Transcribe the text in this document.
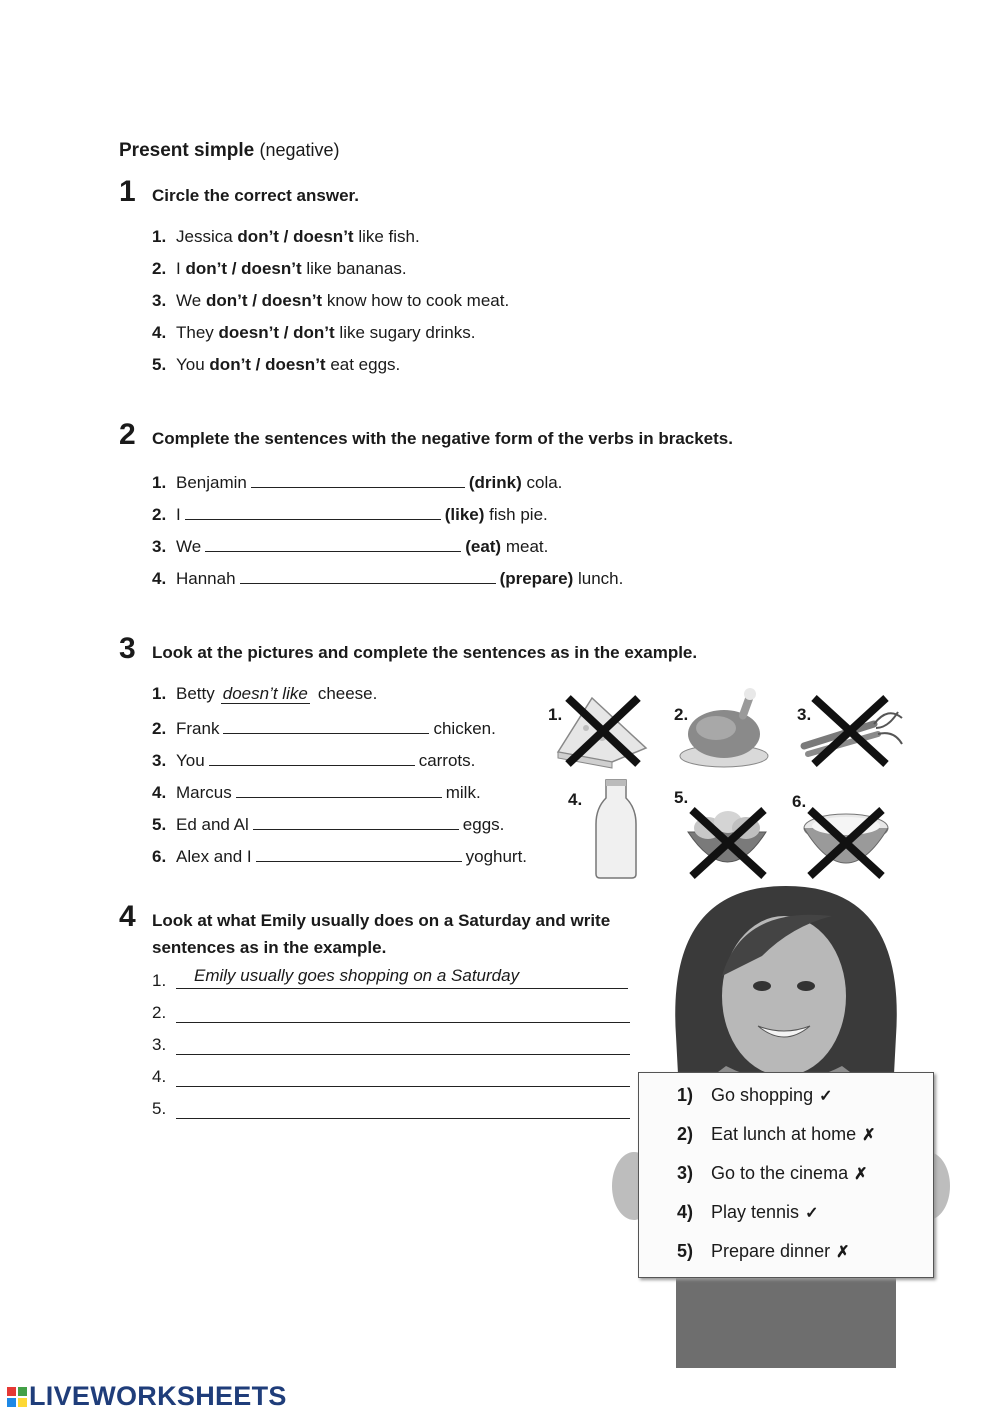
Present simple (negative)
1 Circle the correct answer.
1. Jessica don’t / doesn’t like fish.
2. I don’t / doesn’t like bananas.
3. We don’t / doesn’t know how to cook meat.
4. They doesn’t / don’t like sugary drinks.
5. You don’t / doesn’t eat eggs.
2 Complete the sentences with the negative form of the verbs in brackets.
1. Benjamin	(drink) cola.
2. I	(like) fish pie.
3. We	(eat) meat.
4. Hannah	(prepare) lunch.
3 Look at the pictures and complete the sentences as in the example.
1. Betty doesn’t like cheese.
2. Frank	chicken.
3. You	carrots.
4. Marcus	milk.
5. Ed and Al	eggs.
6. Alex and I	yoghurt.
1.	2.	3.
4.	5.	6.
4 Look at what Emily usually does on a Saturday and write
sentences as in the example.
1. Emily usually goes shopping on a Saturday
2.
3.
4.
5.
1) Go shopping ✓
2) Eat lunch at home ✗
3) Go to the cinema ✗
4) Play tennis ✓
5) Prepare dinner ✗
LIVEWORKSHEETS
